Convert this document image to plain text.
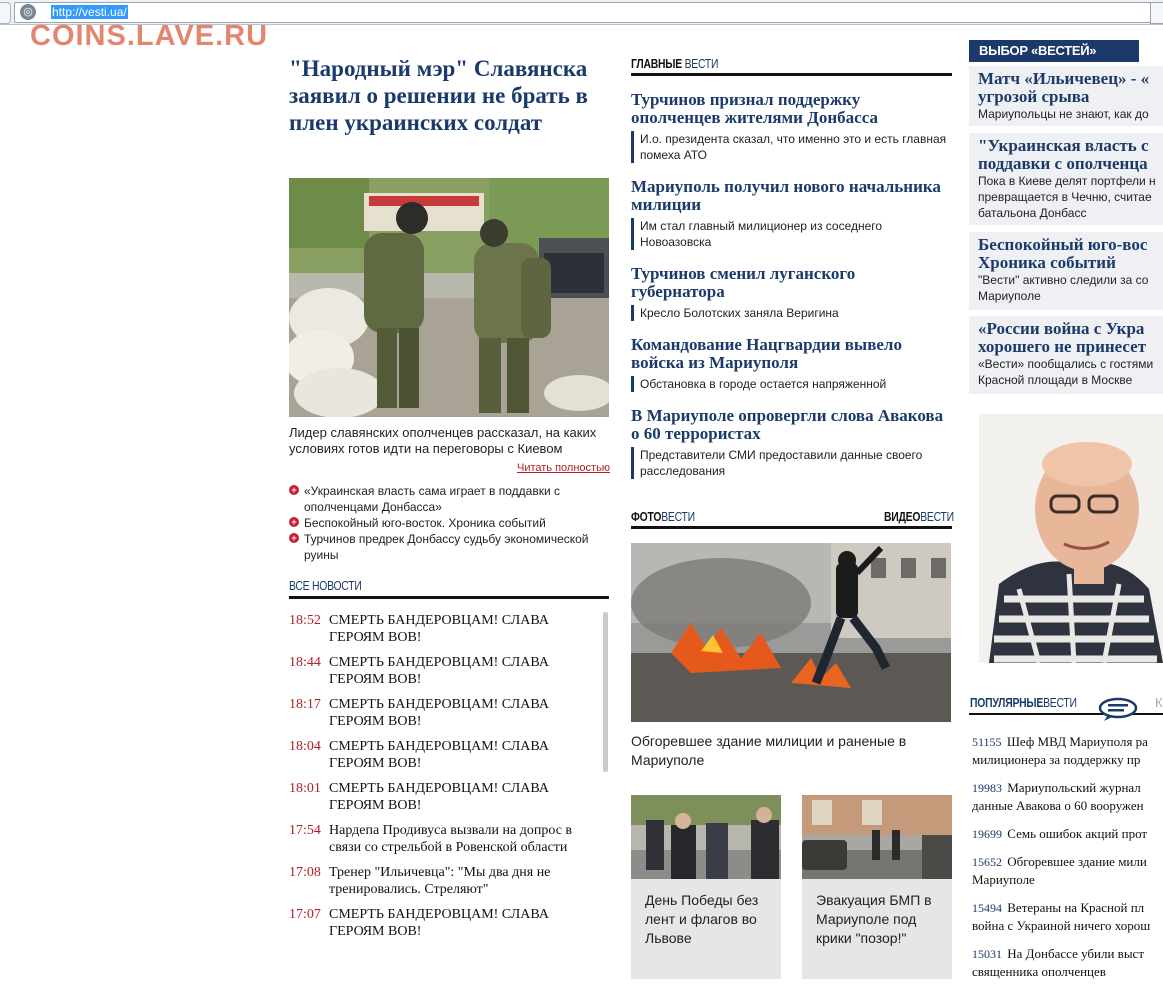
◎ http://vesti.ua/
COINS.LAVE.RU
"Народный мэр" Славянска заявил о решении не брать в плен украинских солдат
Лидер славянских ополченцев рассказал, на каких условиях готов идти на переговоры с Киевом
Читать полностью
+ «Украинская власть сама играет в поддавки с ополченцами Донбасса»
+ Беспокойный юго-восток. Хроника событий
+ Турчинов предрек Донбассу судьбу экономической руины
ВСЕ НОВОСТИ
18:52 СМЕРТЬ БАНДЕРОВЦАМ! СЛАВА ГЕРОЯМ ВОВ!
18:44 СМЕРТЬ БАНДЕРОВЦАМ! СЛАВА ГЕРОЯМ ВОВ!
18:17 СМЕРТЬ БАНДЕРОВЦАМ! СЛАВА ГЕРОЯМ ВОВ!
18:04 СМЕРТЬ БАНДЕРОВЦАМ! СЛАВА ГЕРОЯМ ВОВ!
18:01 СМЕРТЬ БАНДЕРОВЦАМ! СЛАВА ГЕРОЯМ ВОВ!
17:54 Нардепа Продивуса вызвали на допрос в связи со стрельбой в Ровенской области
17:08 Тренер "Ильичевца": "Мы два дня не тренировались. Стреляют"
17:07 СМЕРТЬ БАНДЕРОВЦАМ! СЛАВА ГЕРОЯМ ВОВ!
ГЛАВНЫЕ ВЕСТИ
Турчинов признал поддержку ополченцев жителями Донбасса
И.о. президента сказал, что именно это и есть главная помеха АТО
Мариуполь получил нового начальника милиции
Им стал главный милиционер из соседнего Новоазовска
Турчинов сменил луганского губернатора
Кресло Болотских заняла Веригина
Командование Нацгвардии вывело войска из Мариуполя
Обстановка в городе остается напряженной
В Мариуполе опровергли слова Авакова о 60 террористах
Представители СМИ предоставили данные своего расследования
ФОТОВЕСТИ	ВИДЕОВЕСТИ
Обгоревшее здание милиции и раненые в Мариуполе
День Победы без лент и флагов во Львове
Эвакуация БМП в Мариуполе под крики "позор!"
ВЫБОР «ВЕСТЕЙ»
Матч «Ильичевец» - «
угрозой срыва
Мариупольцы не знают, как до
"Украинская власть с
поддавки с ополченца
Пока в Киеве делят портфели н
превращается в Чечню, считае
батальона Донбасс
Беспокойный юго-вос
Хроника событий
"Вести" активно следили за со
Мариуполе
«России война с Укра
хорошего не принесет
«Вести» пообщались с гостями
Красной площади в Москве
ПОПУЛЯРНЫЕВЕСТИ	К
51155 Шеф МВД Мариуполя ра
милиционера за поддержку пр
19983 Мариупольский журнал
данные Авакова о 60 вооружен
19699 Семь ошибок акций прот
15652 Обгоревшее здание мили
Мариуполе
15494 Ветераны на Красной пл
война с Украиной ничего хорош
15031 На Донбассе убили выст
священника ополченцев
